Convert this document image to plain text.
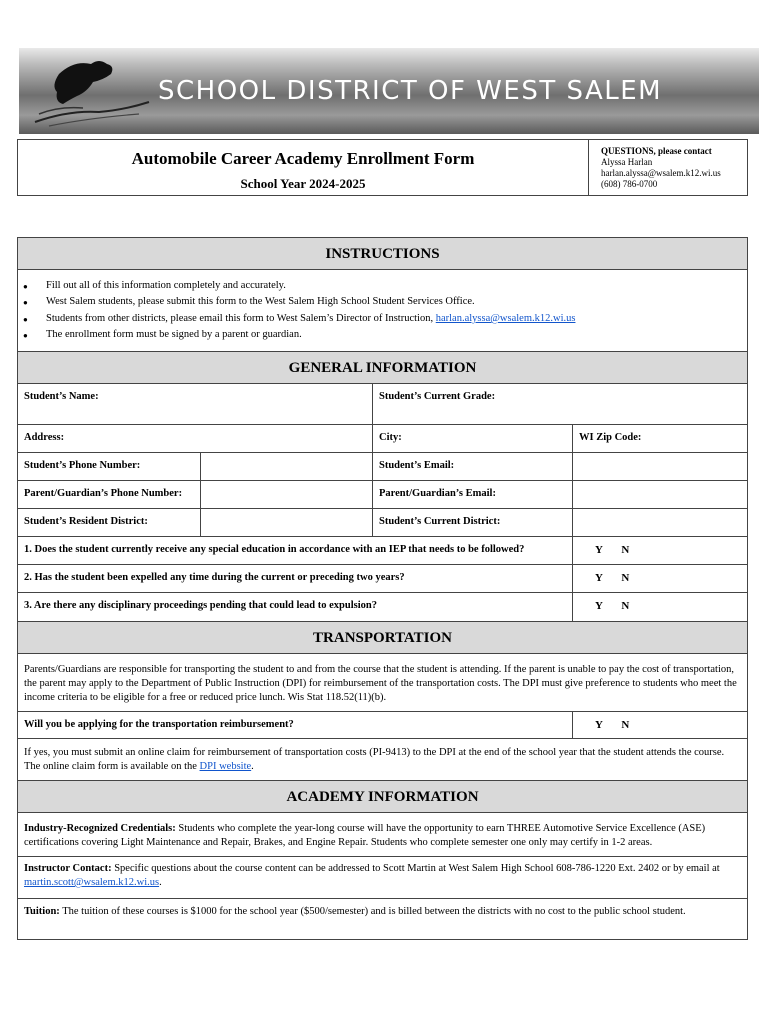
SCHOOL DISTRICT OF WEST SALEM
Automobile Career Academy Enrollment Form
School Year 2024-2025
QUESTIONS, please contact
Alyssa Harlan
harlan.alyssa@wsalem.k12.wi.us
(608) 786-0700
INSTRUCTIONS
● Fill out all of this information completely and accurately.
● West Salem students, please submit this form to the West Salem High School Student Services Office.
● Students from other districts, please email this form to West Salem’s Director of Instruction, harlan.alyssa@wsalem.k12.wi.us
● The enrollment form must be signed by a parent or guardian.
GENERAL INFORMATION
Student’s Name:	Student’s Current Grade:
Address:	City:	WI Zip Code:
Student’s Phone Number:	Student’s Email:
Parent/Guardian’s Phone Number:	Parent/Guardian’s Email:
Student’s Resident District:	Student’s Current District:
1. Does the student currently receive any special education in accordance with an IEP that needs to be followed?	Y N
2. Has the student been expelled any time during the current or preceding two years?	Y N
3. Are there any disciplinary proceedings pending that could lead to expulsion?	Y N
TRANSPORTATION
Parents/Guardians are responsible for transporting the student to and from the course that the student is attending. If the parent is unable to pay the cost of transportation, the parent may apply to the Department of Public Instruction (DPI) for reimbursement of the transportation costs. The DPI must give preference to students who meet the income criteria to be eligible for a free or reduced price lunch. Wis Stat 118.52(11)(b).
Will you be applying for the transportation reimbursement?	Y N
If yes, you must submit an online claim for reimbursement of transportation costs (PI-9413) to the DPI at the end of the school year that the student attends the course. The online claim form is available on the DPI website.
ACADEMY INFORMATION
Industry-Recognized Credentials: Students who complete the year-long course will have the opportunity to earn THREE Automotive Service Excellence (ASE) certifications covering Light Maintenance and Repair, Brakes, and Engine Repair. Students who complete semester one only may certify in 1-2 areas.
Instructor Contact: Specific questions about the course content can be addressed to Scott Martin at West Salem High School 608-786-1220 Ext. 2402 or by email at martin.scott@wsalem.k12.wi.us.
Tuition: The tuition of these courses is $1000 for the school year ($500/semester) and is billed between the districts with no cost to the public school student.
